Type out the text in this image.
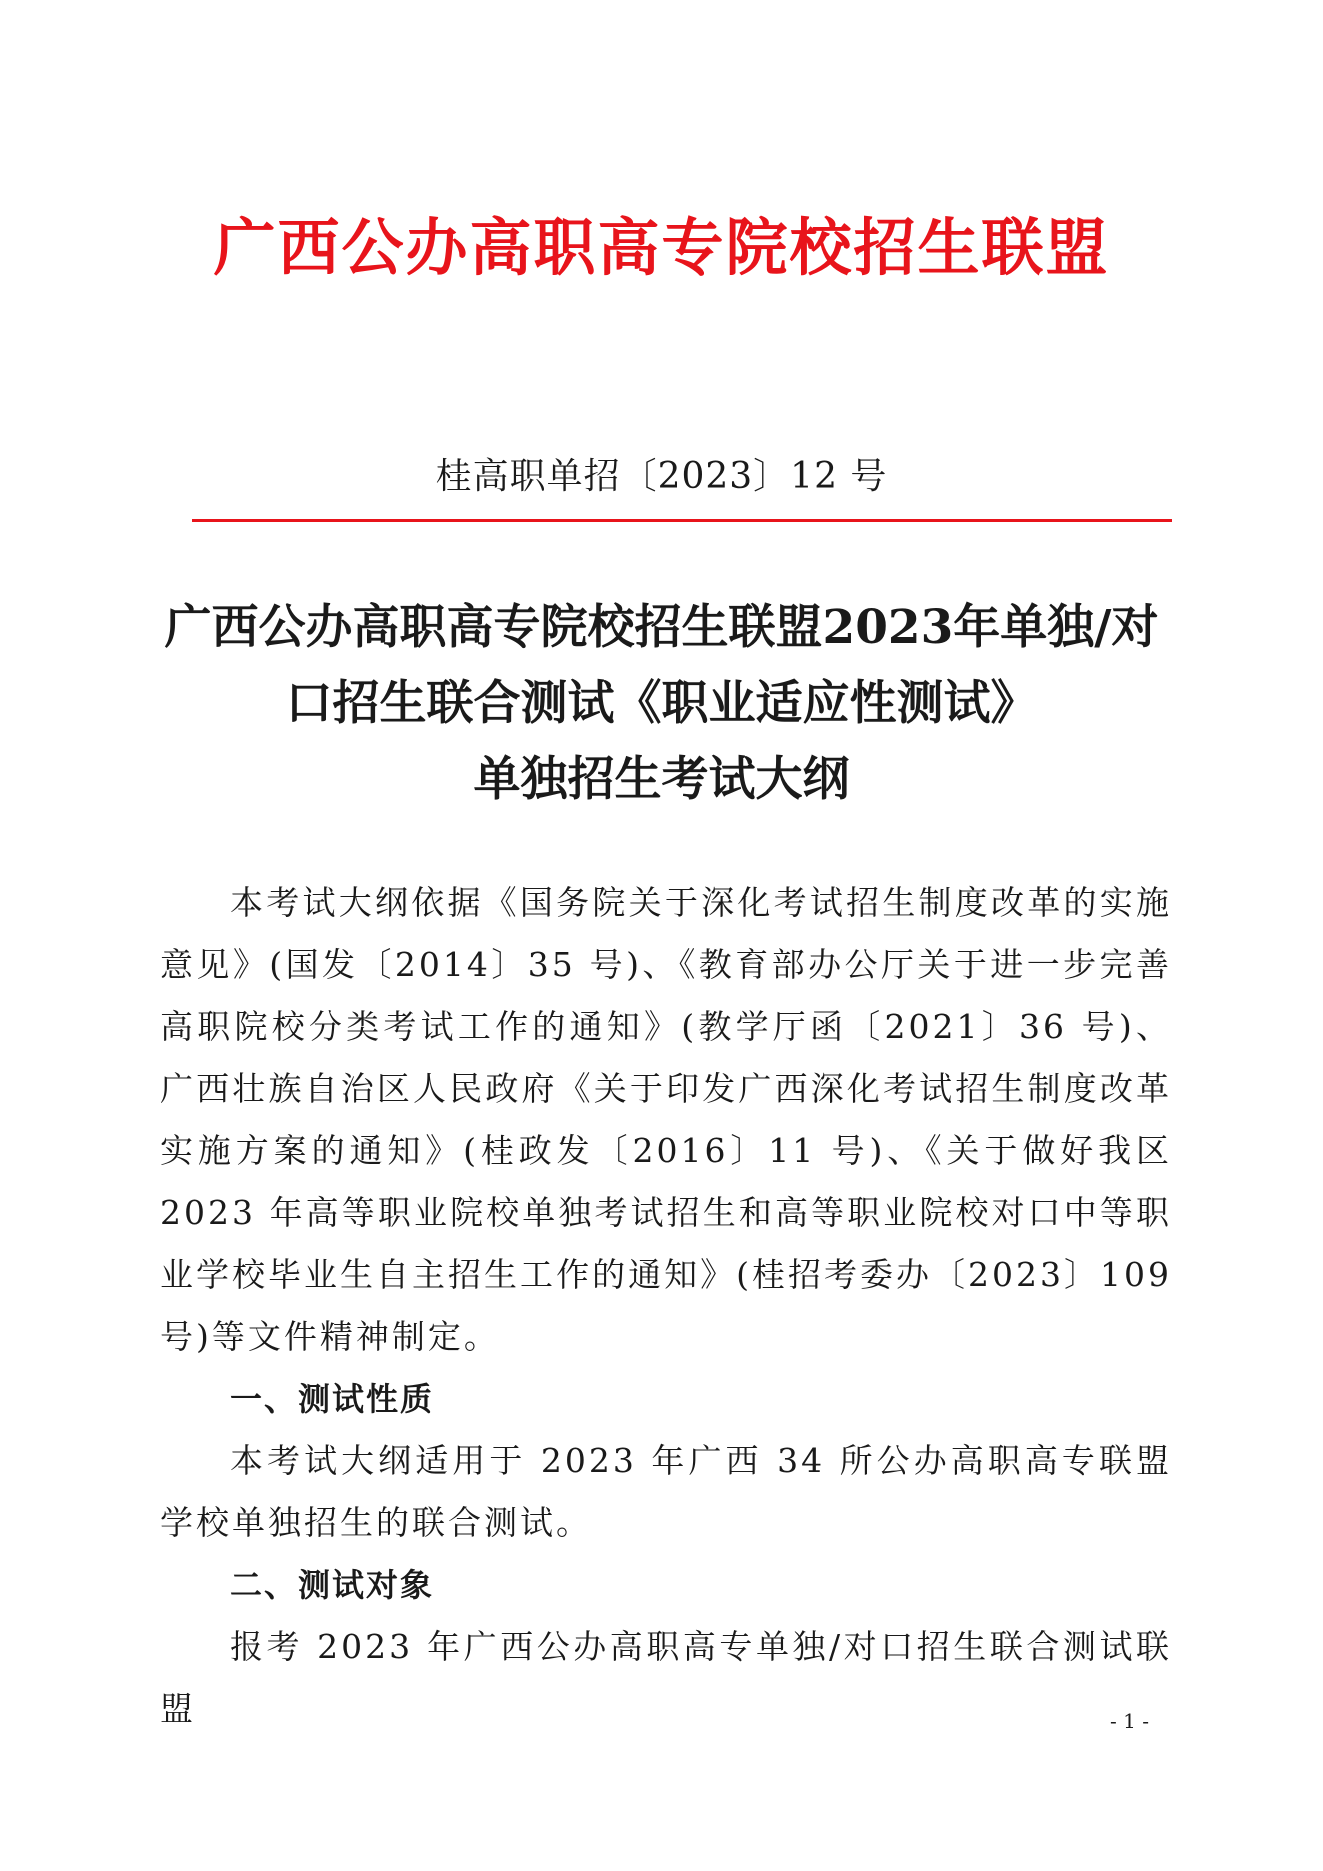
广西公办高职高专院校招生联盟
桂高职单招〔2023〕12 号
广西公办高职高专院校招生联盟2023年单独/对
口招生联合测试《职业适应性测试》
单独招生考试大纲

本考试大纲依据《国务院关于深化考试招生制度改革的实施意见》(国发〔2014〕35 号)、《教育部办公厅关于进一步完善高职院校分类考试工作的通知》(教学厅函〔2021〕36 号)、广西壮族自治区人民政府《关于印发广西深化考试招生制度改革实施方案的通知》(桂政发〔2016〕11 号)、《关于做好我区 2023 年高等职业院校单独考试招生和高等职业院校对口中等职业学校毕业生自主招生工作的通知》(桂招考委办〔2023〕109 号)等文件精神制定。

一、测试性质

本考试大纲适用于 2023 年广西 34 所公办高职高专联盟学校单独招生的联合测试。

二、测试对象

报考 2023 年广西公办高职高专单独/对口招生联合测试联盟	- 1 -
